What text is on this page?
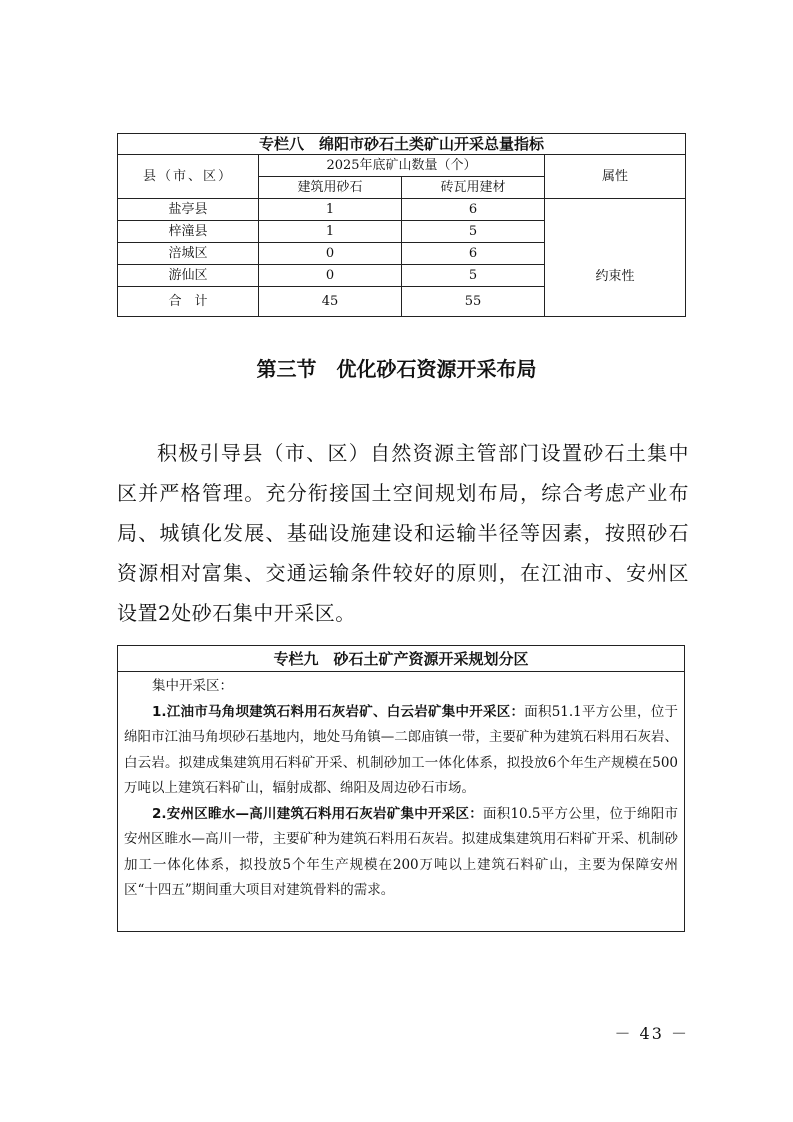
专栏八　绵阳市砂石土类矿山开采总量指标			
县（市、区）	2025年底矿山数量（个）		属性
	建筑用砂石	砖瓦用建材	
盐亭县	1	6	约束性
梓潼县	1	5	
涪城区	0	6	
游仙区	0	5	
合　计	45	55	
第三节　优化砂石资源开采布局

积极引导县（市、区）自然资源主管部门设置砂石土集中区并严格管理。充分衔接国土空间规划布局，综合考虑产业布局、城镇化发展、基础设施建设和运输半径等因素，按照砂石资源相对富集、交通运输条件较好的原则，在江油市、安州区设置2处砂石集中开采区。

专栏九　砂石土矿产资源开采规划分区

集中开采区：

1.江油市马角坝建筑石料用石灰岩矿、白云岩矿集中开采区：面积51.1平方公里，位于绵阳市江油马角坝砂石基地内，地处马角镇—二郎庙镇一带，主要矿种为建筑石料用石灰岩、白云岩。拟建成集建筑用石料矿开采、机制砂加工一体化体系，拟投放6个年生产规模在500万吨以上建筑石料矿山，辐射成都、绵阳及周边砂石市场。

2.安州区睢水—高川建筑石料用石灰岩矿集中开采区：面积10.5平方公里，位于绵阳市安州区睢水—高川一带，主要矿种为建筑石料用石灰岩。拟建成集建筑用石料矿开采、机制砂加工一体化体系，拟投放5个年生产规模在200万吨以上建筑石料矿山，主要为保障安州区“十四五”期间重大项目对建筑骨料的需求。

－ 43 －
